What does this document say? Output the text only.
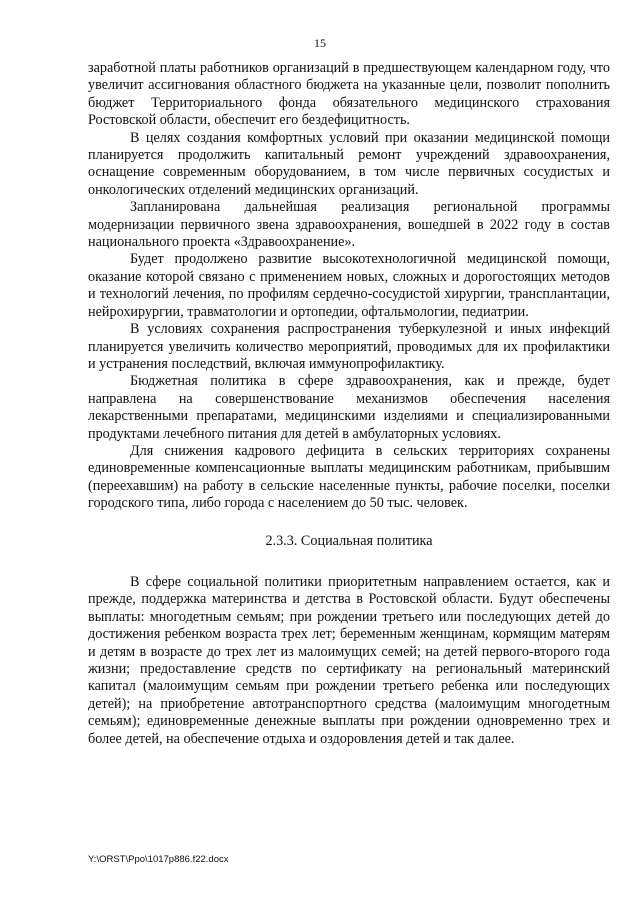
15

заработной платы работников организаций в предшествующем календарном году, что увеличит ассигнования областного бюджета на указанные цели, позволит пополнить бюджет Территориального фонда обязательного медицинского страхования Ростовской области, обеспечит его бездефицитность.

В целях создания комфортных условий при оказании медицинской помощи планируется продолжить капитальный ремонт учреждений здравоохранения, оснащение современным оборудованием, в том числе первичных сосудистых и онкологических отделений медицинских организаций.

Запланирована дальнейшая реализация региональной программы модернизации первичного звена здравоохранения, вошедшей в 2022 году в состав национального проекта «Здравоохранение».

Будет продолжено развитие высокотехнологичной медицинской помощи, оказание которой связано с применением новых, сложных и дорогостоящих методов и технологий лечения, по профилям сердечно-сосудистой хирургии, трансплантации, нейрохирургии, травматологии и ортопедии, офтальмологии, педиатрии.

В условиях сохранения распространения туберкулезной и иных инфекций планируется увеличить количество мероприятий, проводимых для их профилактики и устранения последствий, включая иммунопрофилактику.

Бюджетная политика в сфере здравоохранения, как и прежде, будет направлена на совершенствование механизмов обеспечения населения лекарственными препаратами, медицинскими изделиями и специализированными продуктами лечебного питания для детей в амбулаторных условиях.

Для снижения кадрового дефицита в сельских территориях сохранены единовременные компенсационные выплаты медицинским работникам, прибывшим (переехавшим) на работу в сельские населенные пункты, рабочие поселки, поселки городского типа, либо города с населением до 50 тыс. человек.

2.3.3. Социальная политика

В сфере социальной политики приоритетным направлением остается, как и прежде, поддержка материнства и детства в Ростовской области. Будут обеспечены выплаты: многодетным семьям; при рождении третьего или последующих детей до достижения ребенком возраста трех лет; беременным женщинам, кормящим матерям и детям в возрасте до трех лет из малоимущих семей; на детей первого-второго года жизни; предоставление средств по сертификату на региональный материнский капитал (малоимущим семьям при рождении третьего ребенка или последующих детей); на приобретение автотранспортного средства (малоимущим многодетным семьям); единовременные денежные выплаты при рождении одновременно трех и более детей, на обеспечение отдыха и оздоровления детей и так далее.

Y:\ORST\Ppo\1017p886.f22.docx
